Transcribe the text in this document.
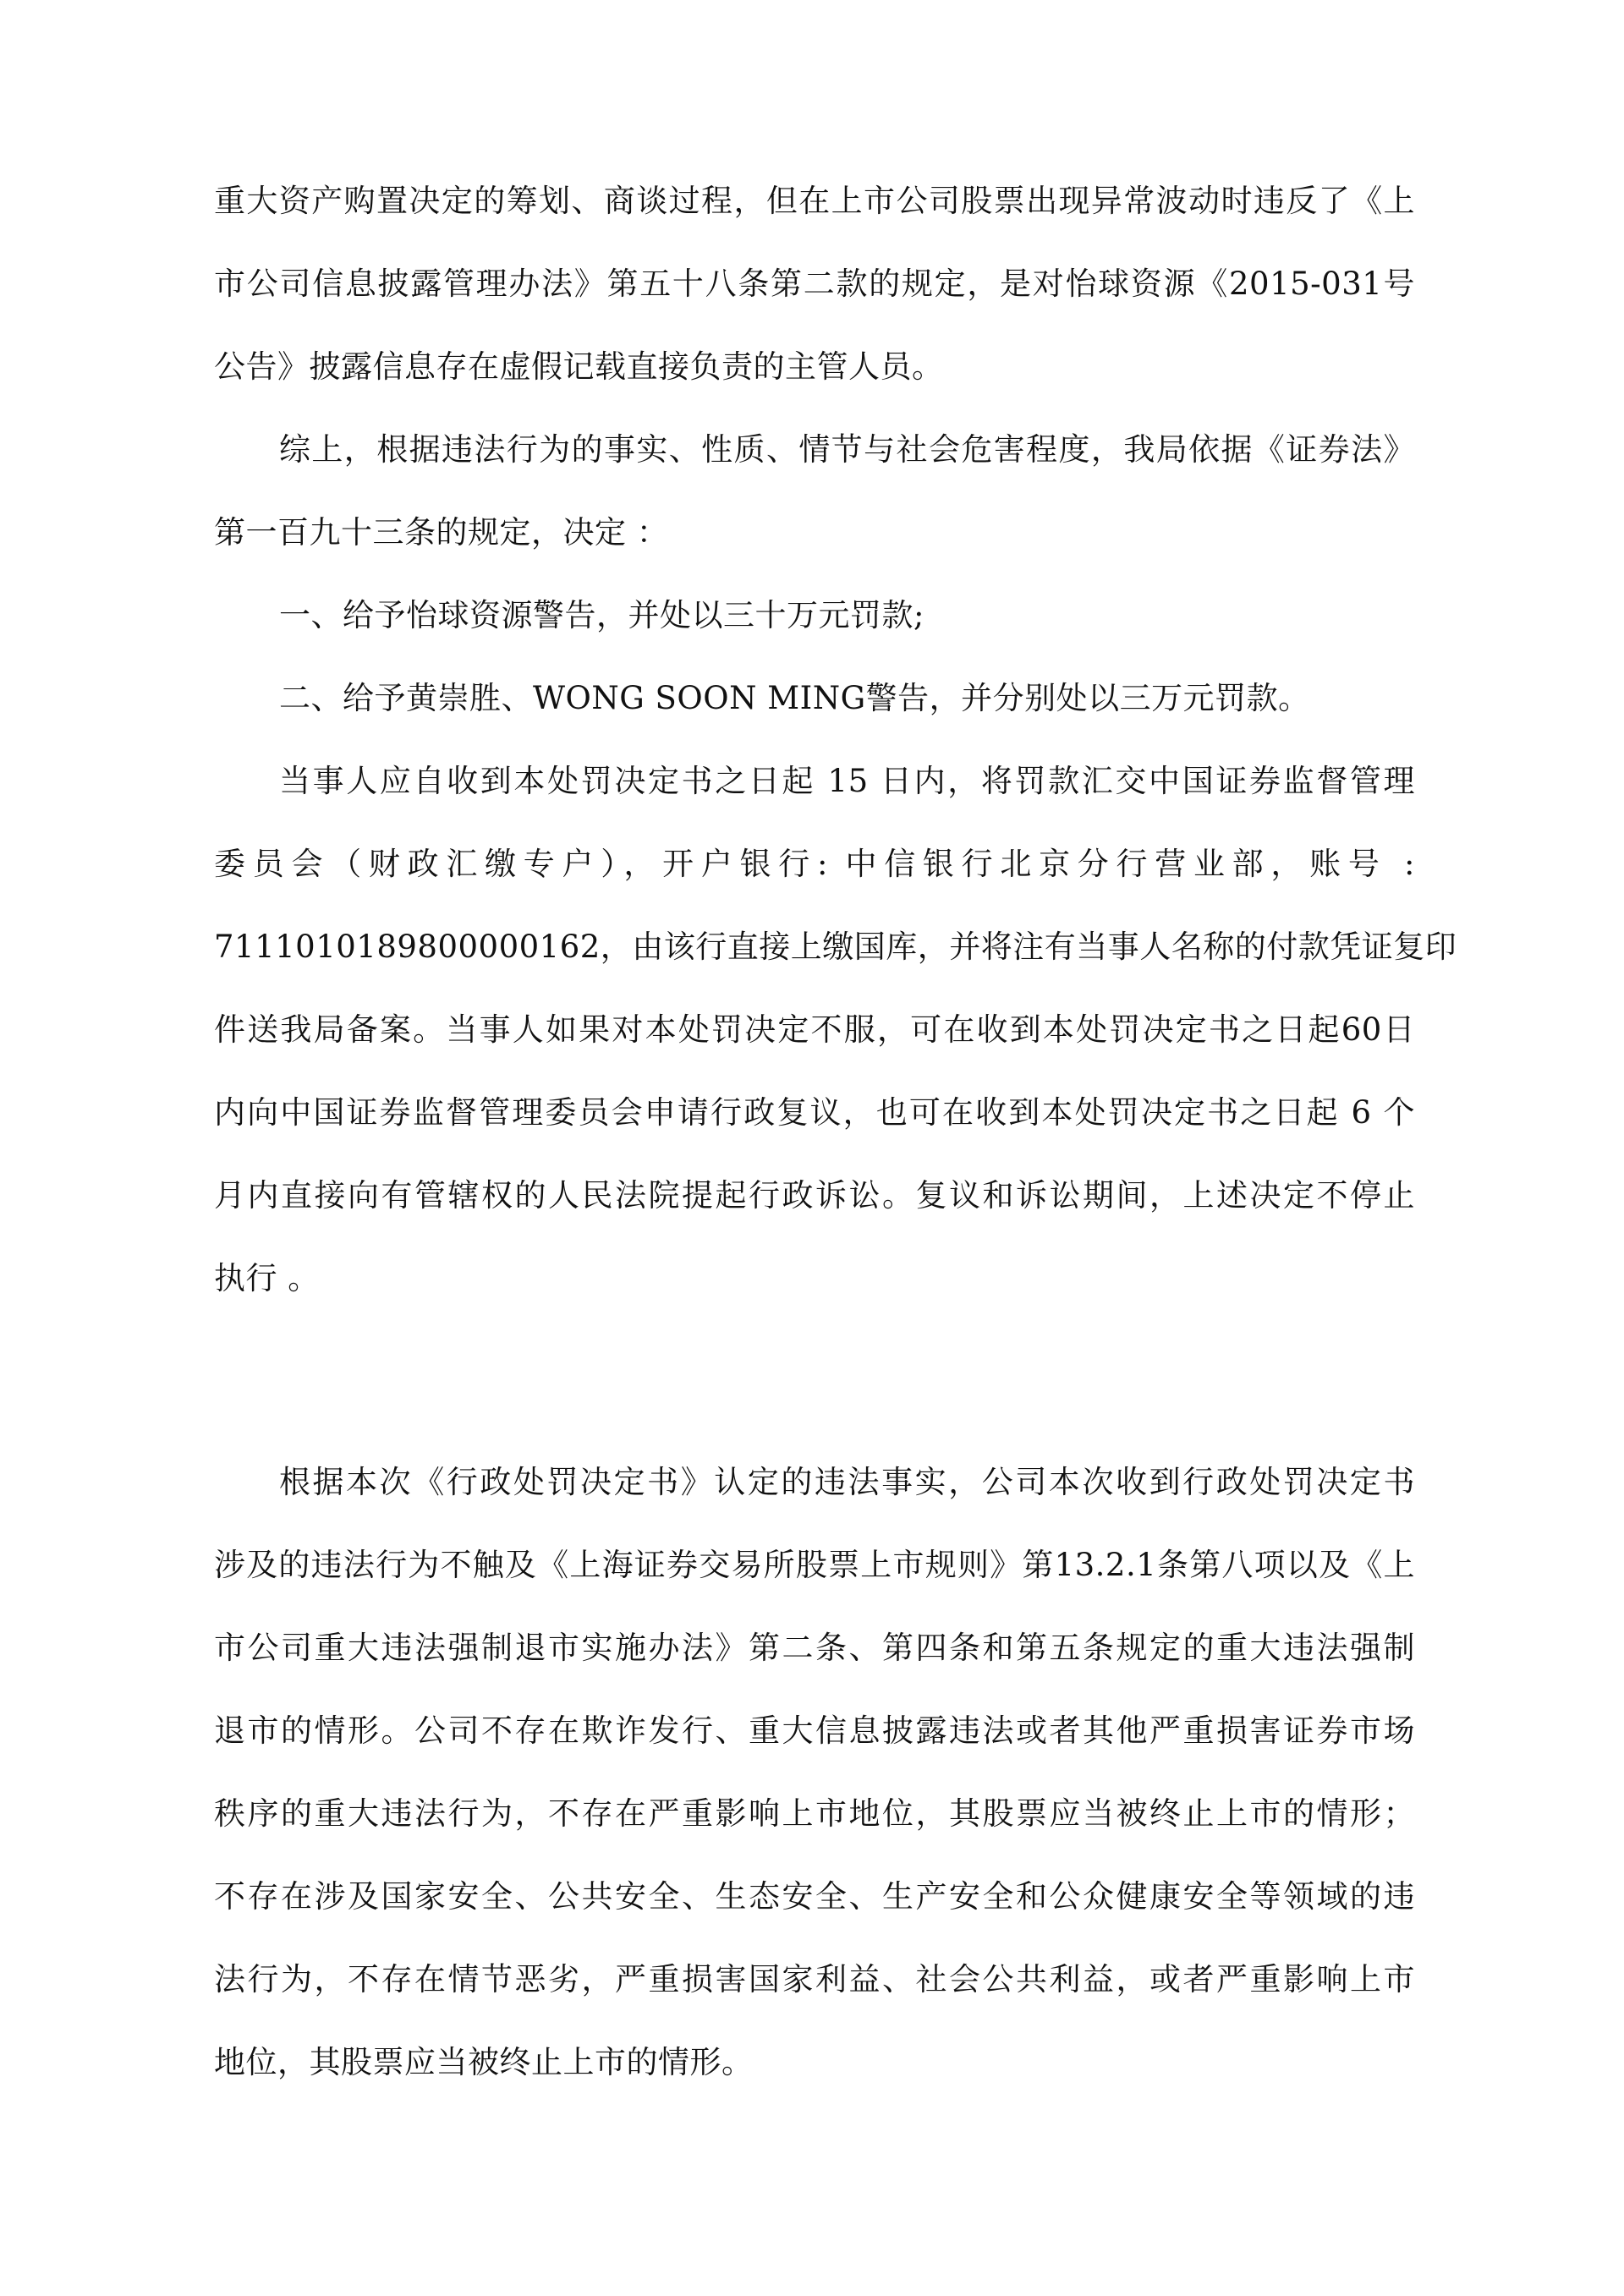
重大资产购置决定的筹划、商谈过程，但在上市公司股票出现异常波动时违反了《上
市公司信息披露管理办法》第五十八条第二款的规定，是对怡球资源《2015-031号
公告》披露信息存在虚假记载直接负责的主管人员。
综上，根据违法行为的事实、性质、情节与社会危害程度，我局依据《证券法》
第一百九十三条的规定，决定 ：
一、给予怡球资源警告，并处以三十万元罚款;
二、给予黄崇胜、WONG SOON MING警告，并分别处以三万元罚款。
当事人应自收到本处罚决定书之日起 15 日内，将罚款汇交中国证券监督管理
委员会（财政汇缴专户），开户银行: 中信银行北京分行营业部，账号 :
7111010189800000162，由该行直接上缴国库，并将注有当事人名称的付款凭证复印
件送我局备案。当事人如果对本处罚决定不服，可在收到本处罚决定书之日起60日
内向中国证券监督管理委员会申请行政复议，也可在收到本处罚决定书之日起 6 个
月内直接向有管辖权的人民法院提起行政诉讼。复议和诉讼期间，上述决定不停止
执行 。
根据本次《行政处罚决定书》认定的违法事实，公司本次收到行政处罚决定书
涉及的违法行为不触及《上海证券交易所股票上市规则》第13.2.1条第八项以及《上
市公司重大违法强制退市实施办法》第二条、第四条和第五条规定的重大违法强制
退市的情形。公司不存在欺诈发行、重大信息披露违法或者其他严重损害证券市场
秩序的重大违法行为，不存在严重影响上市地位，其股票应当被终止上市的情形；
不存在涉及国家安全、公共安全、生态安全、生产安全和公众健康安全等领域的违
法行为，不存在情节恶劣，严重损害国家利益、社会公共利益，或者严重影响上市
地位，其股票应当被终止上市的情形。
